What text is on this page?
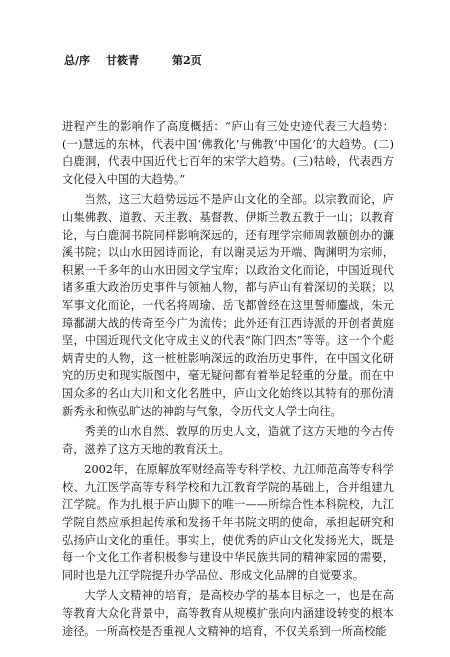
总/序	甘筱青	第2页

进程产生的影响作了高度概括：“庐山有三处史迹代表三大趋势：(一)慧远的东林，代表中国‘佛教化’与佛教‘中国化’的大趋势。(二)白鹿洞，代表中国近代七百年的宋学大趋势。(三)牯岭，代表西方文化侵入中国的大趋势。”

当然，这三大趋势远远不是庐山文化的全部。以宗教而论，庐山集佛教、道教、天主教、基督教、伊斯兰教五教于一山；以教育论，与白鹿洞书院同样影响深远的，还有理学宗师周敦颐创办的濂溪书院；以山水田园诗而论，有以谢灵运为开端、陶渊明为宗师，积累一千多年的山水田园文学宝库；以政治文化而论，中国近现代诸多重大政治历史事件与领袖人物，都与庐山有着深切的关联；以军事文化而论，一代名将周瑜、岳飞都曾经在这里誓师鏖战，朱元璋鄱湖大战的传奇至今广为流传；此外还有江西诗派的开创者黄庭坚，中国近现代文化守成主义的代表“陈门四杰”等等。这一个个彪炳青史的人物，这一桩桩影响深远的政治历史事件，在中国文化研究的历史和现实版图中，毫无疑问都有着举足轻重的分量。而在中国众多的名山大川和文化名胜中，庐山文化始终以其特有的那份清新秀永和恢弘旷达的神韵与气象，令历代文人学士向往。

秀美的山水自然、敦厚的历史人文，造就了这方天地的今古传奇，滋养了这方天地的教育沃土。

2002年，在原解放军财经高等专科学校、九江师范高等专科学校、九江医学高等专科学校和九江教育学院的基础上，合并组建九江学院。作为扎根于庐山脚下的唯一——所综合性本科院校，九江学院自然应承担起传承和发扬千年书院文明的使命，承担起研究和弘扬庐山文化的重任。事实上，使优秀的庐山文化发扬光大，既是每一个文化工作者积极参与建设中华民族共同的精神家园的需要，同时也是九江学院提升办学品位、形成文化品牌的自觉要求。

大学人文精神的培育，是高校办学的基本目标之一，也是在高等教育大众化背景中，高等教育从规模扩张向内涵建设转变的根本途径。一所高校是否重视人文精神的培育，不仅关系到一所高校能
